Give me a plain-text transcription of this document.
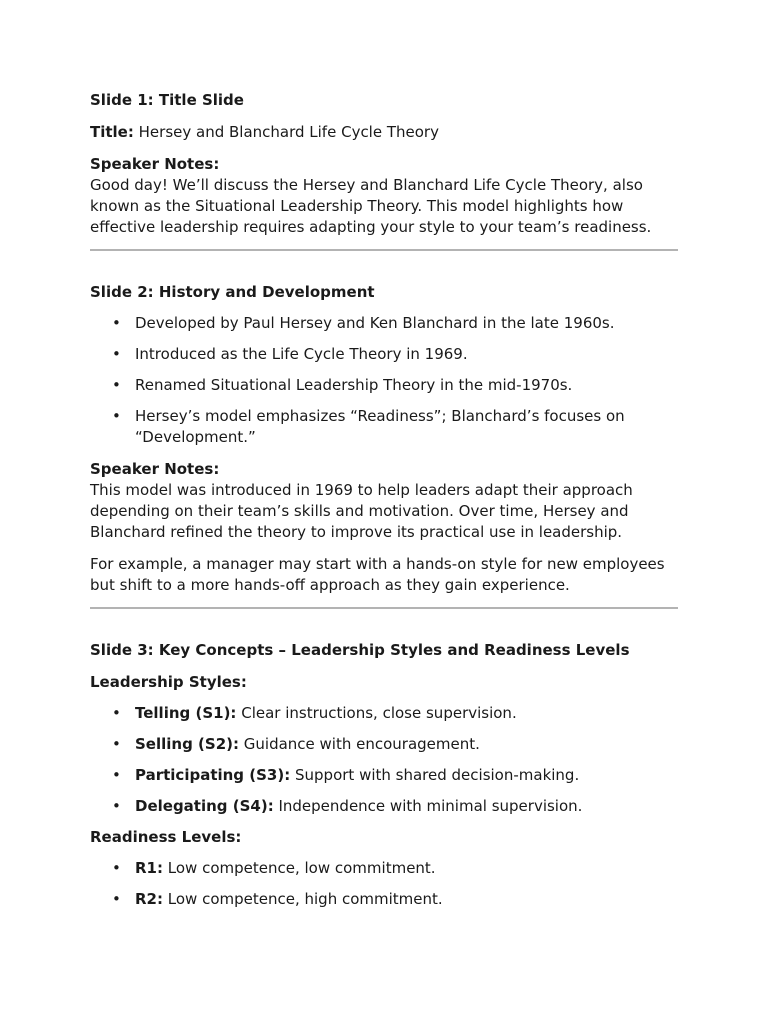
Slide 1: Title Slide

Title: Hersey and Blanchard Life Cycle Theory

Speaker Notes:

Good day! We’ll discuss the Hersey and Blanchard Life Cycle Theory, also known as the Situational Leadership Theory. This model highlights how effective leadership requires adapting your style to your team’s readiness.

Slide 2: History and Development

• Developed by Paul Hersey and Ken Blanchard in the late 1960s.
• Introduced as the Life Cycle Theory in 1969.
• Renamed Situational Leadership Theory in the mid-1970s.
• Hersey’s model emphasizes “Readiness”; Blanchard’s focuses on “Development.”

Speaker Notes:

This model was introduced in 1969 to help leaders adapt their approach depending on their team’s skills and motivation. Over time, Hersey and Blanchard refined the theory to improve its practical use in leadership.

For example, a manager may start with a hands-on style for new employees but shift to a more hands-off approach as they gain experience.

Slide 3: Key Concepts – Leadership Styles and Readiness Levels

Leadership Styles:

• Telling (S1): Clear instructions, close supervision.
• Selling (S2): Guidance with encouragement.
• Participating (S3): Support with shared decision-making.
• Delegating (S4): Independence with minimal supervision.

Readiness Levels:

• R1: Low competence, low commitment.
• R2: Low competence, high commitment.
